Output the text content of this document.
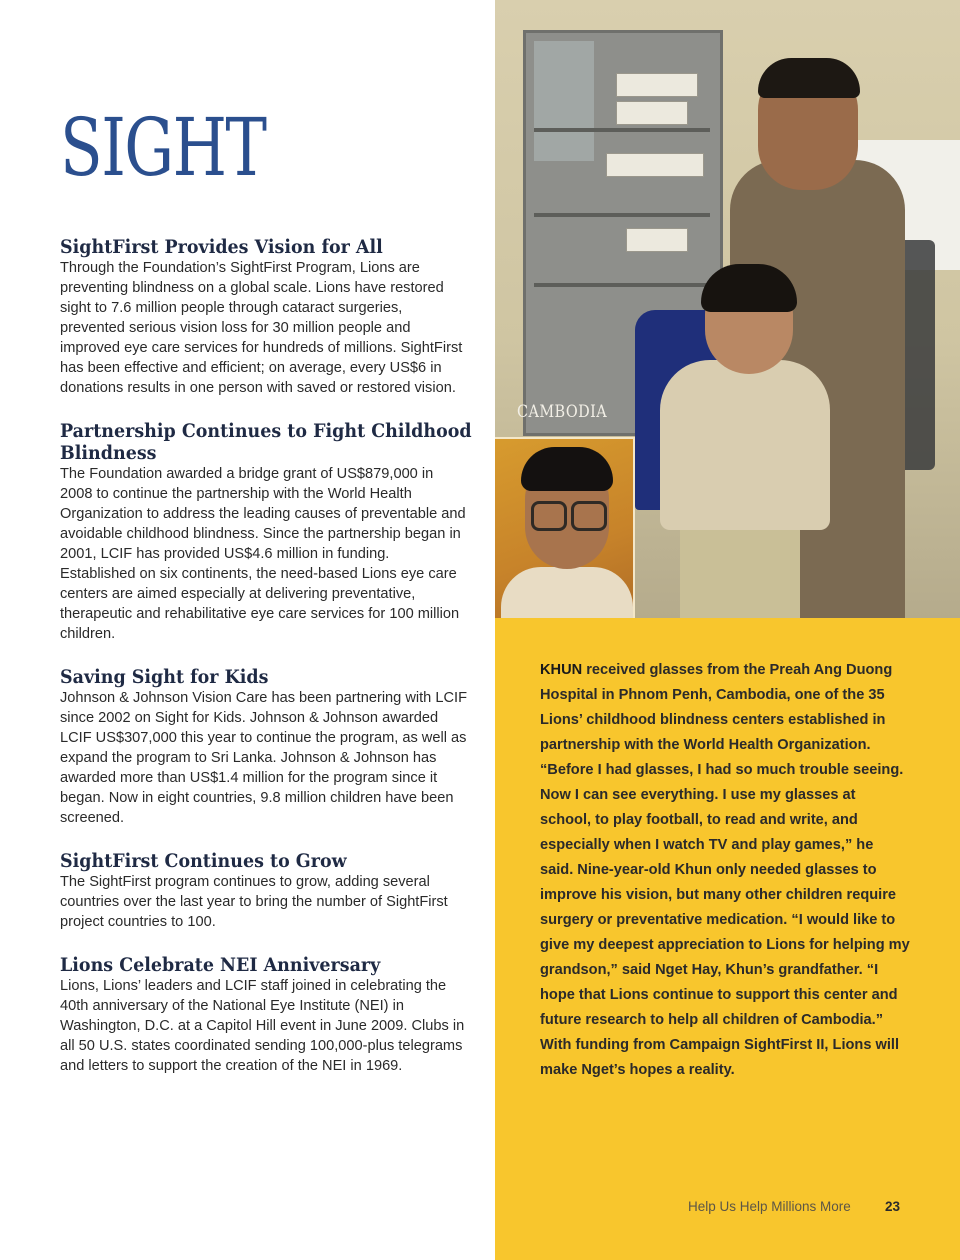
SIGHT
SightFirst Provides Vision for All

Through the Foundation’s SightFirst Program, Lions are preventing blindness on a global scale. Lions have restored sight to 7.6 million people through cataract surgeries, prevented serious vision loss for 30 million people and improved eye care services for hundreds of millions. SightFirst has been effective and efficient; on average, every US$6 in donations results in one person with saved or restored vision.

Partnership Continues to Fight Childhood Blindness

The Foundation awarded a bridge grant of US$879,000 in 2008 to continue the partnership with the World Health Organization to address the leading causes of preventable and avoidable childhood blindness. Since the partnership began in 2001, LCIF has provided US$4.6 million in funding. Established on six continents, the need-based Lions eye care centers are aimed especially at delivering preventative, therapeutic and rehabilitative eye care services for 100 million children.

Saving Sight for Kids

Johnson & Johnson Vision Care has been partnering with LCIF since 2002 on Sight for Kids. Johnson & Johnson awarded LCIF US$307,000 this year to continue the program, as well as expand the program to Sri Lanka. Johnson & Johnson has awarded more than US$1.4 million for the program since it began. Now in eight countries, 9.8 million children have been screened.

SightFirst Continues to Grow

The SightFirst program continues to grow, adding several countries over the last year to bring the number of SightFirst project countries to 100.

Lions Celebrate NEI Anniversary

Lions, Lions’ leaders and LCIF staff joined in celebrating the 40th anniversary of the National Eye Institute (NEI) in Washington, D.C. at a Capitol Hill event in June 2009. Clubs in all 50 U.S. states coordinated sending 100,000-plus telegrams and letters to support the creation of the NEI in 1969.

CAMBODIA

KHUN received glasses from the Preah Ang Duong Hospital in Phnom Penh, Cambodia, one of the 35 Lions’ childhood blindness centers established in partnership with the World Health Organization. “Before I had glasses, I had so much trouble seeing. Now I can see everything. I use my glasses at school, to play football, to read and write, and especially when I watch TV and play games,” he said. Nine-year-old Khun only needed glasses to improve his vision, but many other children require surgery or preventative medication. “I would like to give my deepest appreciation to Lions for helping my grandson,” said Nget Hay, Khun’s grandfather. “I hope that Lions continue to support this center and future research to help all children of Cambodia.” With funding from Campaign SightFirst II, Lions will make Nget’s hopes a reality.

Help Us Help Millions More	23
